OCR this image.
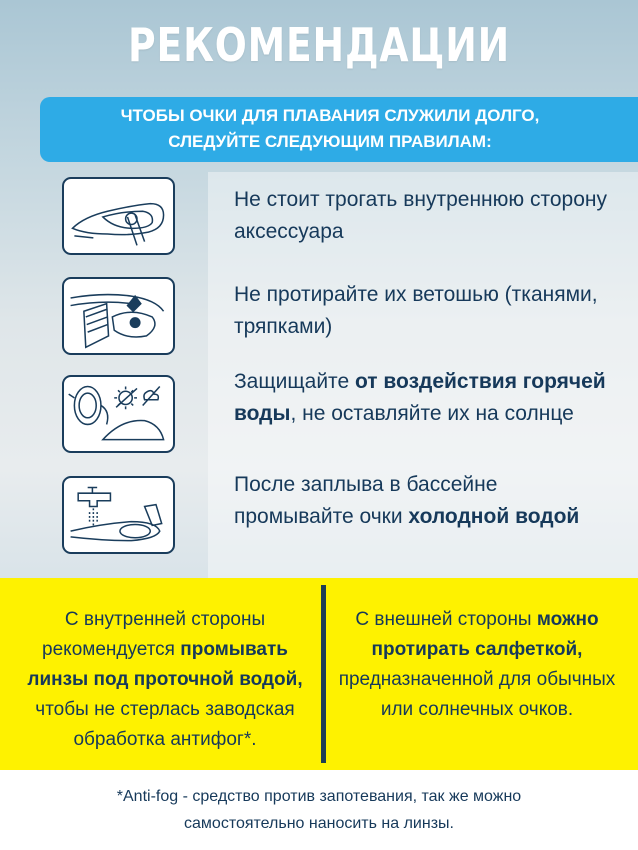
РЕКОМЕНДАЦИИ
ЧТОБЫ ОЧКИ ДЛЯ ПЛАВАНИЯ СЛУЖИЛИ ДОЛГО,
СЛЕДУЙТЕ СЛЕДУЮЩИМ ПРАВИЛАМ:
Не стоит трогать внутреннюю сторону аксессуара
Не протирайте их ветошью (тканями, тряпками)
Защищайте от воздействия горячей воды, не оставляйте их на солнце
После заплыва в бассейне промывайте очки холодной водой
С внутренней стороны рекомендуется промывать линзы под проточной водой, чтобы не стерлась заводская обработка антифог*.
С внешней стороны можно протирать салфеткой, предназначенной для обычных или солнечных очков.
*Anti-fog - средство против запотевания, так же можно
самостоятельно наносить на линзы.
